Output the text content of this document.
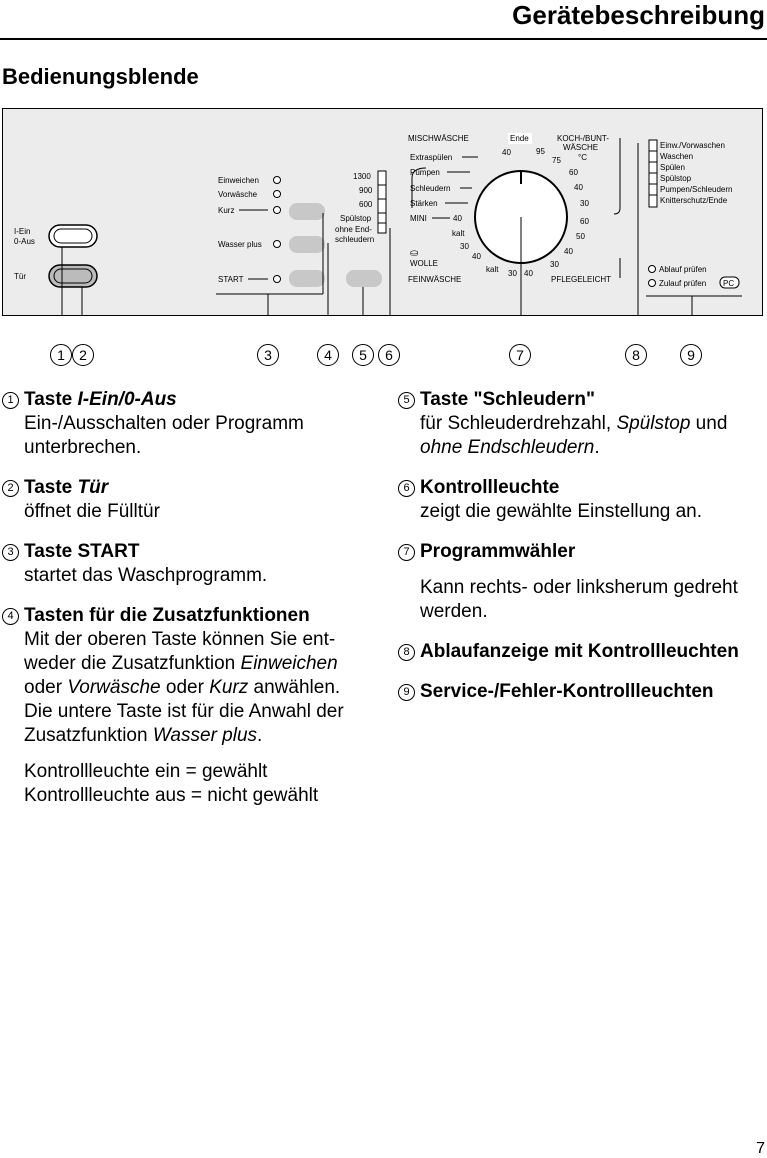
Gerätebeschreibung
Bedienungsblende
I-Ein
0-Aus
Tür
Einweichen
Vorwäsche
Kurz
Wasser plus
START
1300
900
600
Spülstop
ohne End-
schleudern
MISCHWÄSCHE	Ende	KOCH-/BUNT-
WÄSCHE
°C
Extraspülen
Pumpen
Schleudern
Stärken
MINI
40	95
75
60
40
30
60
50
40
30
40
30
40
30
40
kalt
kalt
WOLLE
⛀
FEINWÄSCHE	PFLEGELEICHT
Einw./Vorwaschen
Waschen
Spülen
Spülstop
Pumpen/Schleudern
Knitterschutz/Ende
Ablauf prüfen
Zulauf prüfen PC
1	2	3	4	5	6	7	8	9
1 Taste I-Ein/0-Aus
Ein-/Ausschalten oder Programm unterbrechen.
2 Taste Tür
öffnet die Fülltür
3 Taste START
startet das Waschprogramm.
4 Tasten für die Zusatzfunktionen
Mit der oberen Taste können Sie entweder die Zusatzfunktion Einweichen oder Vorwäsche oder Kurz anwählen.
Die untere Taste ist für die Anwahl der Zusatzfunktion Wasser plus.
Kontrollleuchte ein = gewählt
Kontrollleuchte aus = nicht gewählt
5 Taste "Schleudern"
für Schleuderdrehzahl, Spülstop und ohne Endschleudern.
6 Kontrollleuchte
zeigt die gewählte Einstellung an.
7 Programmwähler
Kann rechts- oder linksherum gedreht werden.
8 Ablaufanzeige mit Kontrollleuchten
9 Service-/Fehler-Kontrollleuchten
7
